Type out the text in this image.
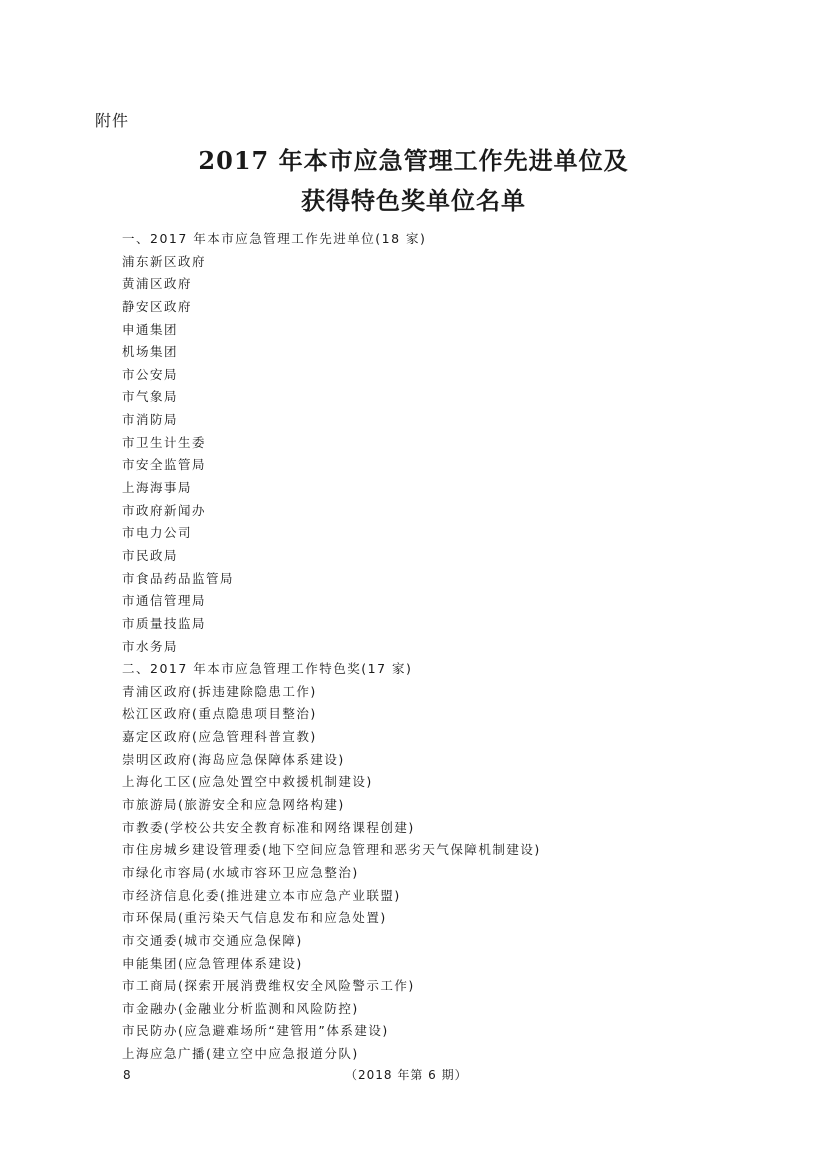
附件
2017 年本市应急管理工作先进单位及
获得特色奖单位名单
一、2017 年本市应急管理工作先进单位(18 家)
浦东新区政府
黄浦区政府
静安区政府
申通集团
机场集团
市公安局
市气象局
市消防局
市卫生计生委
市安全监管局
上海海事局
市政府新闻办
市电力公司
市民政局
市食品药品监管局
市通信管理局
市质量技监局
市水务局
二、2017 年本市应急管理工作特色奖(17 家)
青浦区政府(拆违建除隐患工作)
松江区政府(重点隐患项目整治)
嘉定区政府(应急管理科普宣教)
崇明区政府(海岛应急保障体系建设)
上海化工区(应急处置空中救援机制建设)
市旅游局(旅游安全和应急网络构建)
市教委(学校公共安全教育标准和网络课程创建)
市住房城乡建设管理委(地下空间应急管理和恶劣天气保障机制建设)
市绿化市容局(水域市容环卫应急整治)
市经济信息化委(推进建立本市应急产业联盟)
市环保局(重污染天气信息发布和应急处置)
市交通委(城市交通应急保障)
申能集团(应急管理体系建设)
市工商局(探索开展消费维权安全风险警示工作)
市金融办(金融业分析监测和风险防控)
市民防办(应急避难场所“建管用”体系建设)
上海应急广播(建立空中应急报道分队)
8	（2018 年第 6 期）
